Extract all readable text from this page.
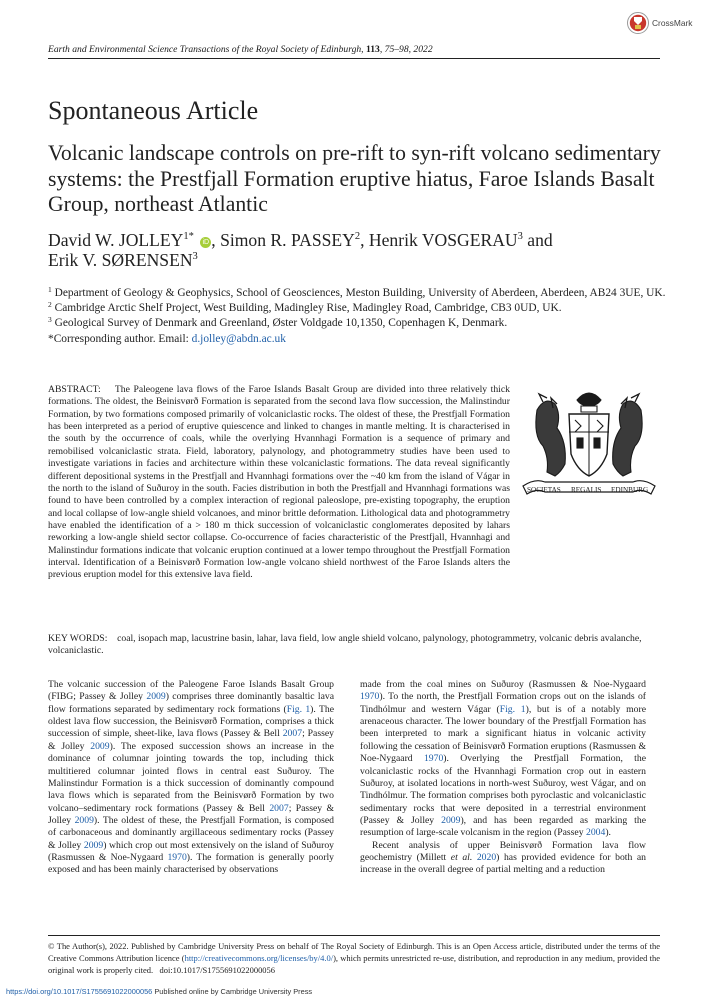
Earth and Environmental Science Transactions of the Royal Society of Edinburgh, 113, 75–98, 2022
CrossMark
Spontaneous Article
Volcanic landscape controls on pre-rift to syn-rift volcano sedimentary systems: the Prestfjall Formation eruptive hiatus, Faroe Islands Basalt Group, northeast Atlantic
David W. $JOLLEY^{1*}$ iD , Simon R. PASSEY$^2$, Henrik VOSGERAU$^3$ and
Erik V. SØRENSEN$^3$

$^1$ Department of Geology & Geophysics, School of Geosciences, Meston Building, University of Aberdeen, Aberdeen, AB24 3UE, UK.

$^2$ Cambridge Arctic Shelf Project, West Building, Madingley Rise, Madingley Road, Cambridge, CB3 0UD, UK.

$^3$ Geological Survey of Denmark and Greenland, Øster Voldgade 10,1350, Copenhagen K, Denmark.

*Corresponding author. Email: d.jolley@abdn.ac.uk

ABSTRACT: The Paleogene lava flows of the Faroe Islands Basalt Group are divided into three relatively thick formations. The oldest, the Beinisvørð Formation is separated from the second lava flow succession, the Malinstindur Formation, by two formations composed primarily of volcaniclastic rocks. The oldest of these, the Prestfjall Formation has been interpreted as a period of eruptive quiescence and linked to changes in mantle melting. It is characterised in the south by the occurrence of coals, while the overlying Hvannhagi Formation is a sequence of primary and remobilised volcaniclastic strata. Field, laboratory, palynology, and photogrammetry studies have been used to investigate variations in facies and architecture within these volcaniclastic formations. The data reveal significantly different depositional systems in the Prestfjall and Hvannhagi formations over the ~40 km from the island of Vágar in the north to the island of Suðuroy in the south. Facies distribution in both the Prestfjall and Hvannhagi formations was found to have been controlled by a complex interaction of regional paleoslope, pre-existing topography, the eruption and local collapse of low-angle shield volcanoes, and minor brittle deformation. Lithological data and photogrammetry have enabled the identification of a > 180 m thick succession of volcaniclastic conglomerates deposited by lahars reworking a low-angle shield sector collapse. Co-occurrence of facies characteristic of the Prestfjall, Hvannhagi and Malinstindur formations indicate that volcanic eruption continued at a lower tempo throughout the Prestfjall Formation interval. Identification of a Beinisvørð Formation low-angle volcano shield northwest of the Faroe Islands alters the previous eruption model for this extensive lava field.

SOCIETAS REGALIS EDINBURG

KEY WORDS: coal, isopach map, lacustrine basin, lahar, lava field, low angle shield volcano, palynology, photogrammetry, volcanic debris avalanche, volcaniclastic.

The volcanic succession of the Paleogene Faroe Islands Basalt Group (FIBG; Passey & Jolley 2009) comprises three dominantly basaltic lava flow formations separated by sedimentary rock formations (Fig. 1). The oldest lava flow succession, the Beinisvørð Formation, comprises a thick succession of simple, sheet-like, lava flows (Passey & Bell 2007; Passey & Jolley 2009). The exposed succession shows an increase in the dominance of columnar jointing towards the top, including thick multitiered columnar jointed flows in central east Suðuroy. The Malinstindur Formation is a thick succession of dominantly compound lava flows which is separated from the Beinisvørð Formation by two volcano–sedimentary rock formations (Passey & Bell 2007; Passey & Jolley 2009). The oldest of these, the Prestfjall Formation, is composed of carbonaceous and dominantly argillaceous sedimentary rocks (Passey & Jolley 2009) which crop out most extensively on the island of Suðuroy (Rasmussen & Noe-Nygaard 1970). The formation is generally poorly exposed and has been mainly characterised by observations

made from the coal mines on Suðuroy (Rasmussen & Noe-Nygaard 1970). To the north, the Prestfjall Formation crops out on the islands of Tindhólmur and western Vágar (Fig. 1), but is of a notably more arenaceous character. The lower boundary of the Prestfjall Formation has been interpreted to mark a significant hiatus in volcanic activity following the cessation of Beinisvørð Formation eruptions (Rasmussen & Noe-Nygaard 1970). Overlying the Prestfjall Formation, the volcaniclastic rocks of the Hvannhagi Formation crop out in eastern Suðuroy, at isolated locations in north-west Suðuroy, west Vágar, and on Tindhólmur. The formation comprises both pyroclastic and volcaniclastic sedimentary rocks that were deposited in a terrestrial environment (Passey & Jolley 2009), and has been regarded as marking the resumption of large-scale volcanism in the region (Passey 2004).

Recent analysis of upper Beinisvørð Formation lava flow geochemistry (Millett et al. 2020) has provided evidence for both an increase in the overall degree of partial melting and a reduction

© The Author(s), 2022. Published by Cambridge University Press on behalf of The Royal Society of Edinburgh. This is an Open Access article, distributed under the terms of the Creative Commons Attribution licence (http://creativecommons.org/licenses/by/4.0/), which permits unrestricted re-use, distribution, and reproduction in any medium, provided the original work is properly cited. doi:10.1017/S1755691022000056

https://doi.org/10.1017/S1755691022000056 Published online by Cambridge University Press
